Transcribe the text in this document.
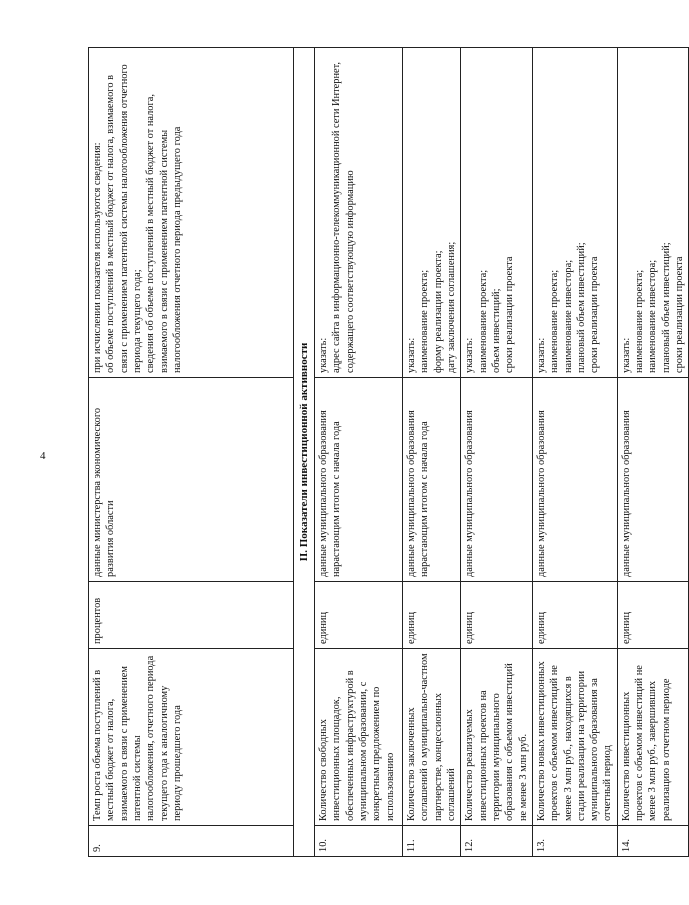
4
9.	Темп роста объема поступлений в местный бюджет от налога, взимаемого в связи с применением патентной системы налогообложения, отчетного периода текущего года к аналогичному периоду прошедшего года	процентов	данные министерства экономического развития области	при исчислении показателя используются сведения: об объеме поступлений в местный бюджет от налога, взимаемого в связи с применением патентной системы налогообложения отчетного периода текущего года; сведения об объеме поступлений в местный бюджет от налога, взимаемого в связи с применением патентной системы налогообложения отчетного периода предыдущего года

II. Показатели инвестиционной активности				
10.	Количество свободных инвестиционных площадок, обеспеченных инфраструктурой в муниципальном образовании, с конкретным предложением по использованию	единиц	данные муниципального образования нарастающим итогом с начала года	указать: адрес сайта в информационно-телекоммуникационной сети Интернет, содержащего соответствующую информацию

11.	Количество заключенных соглашений о муниципально-частном партнерстве, концессионных соглашений	единиц	данные муниципального образования нарастающим итогом с начала года	указать: наименование проекта; форму реализации проекта; дату заключения соглашения;

12.	Количество реализуемых инвестиционных проектов на территории муниципального образования с объемом инвестиций не менее 3 млн руб.	единиц	данные муниципального образования	указать: наименование проекта; объем инвестиций; сроки реализации проекта

13.	Количество новых инвестиционных проектов с объемом инвестиций не менее 3 млн руб., находящихся в стадии реализации на территории муниципального образования за отчетный период	единиц	данные муниципального образования	указать: наименование проекта; наименование инвестора; плановый объем инвестиций; сроки реализации проекта

14.	Количество инвестиционных проектов с объемом инвестиций не менее 3 млн руб., завершивших реализацию в отчетном периоде	единиц	данные муниципального образования	указать: наименование проекта; наименование инвестора; плановый объем инвестиций; сроки реализации проекта
